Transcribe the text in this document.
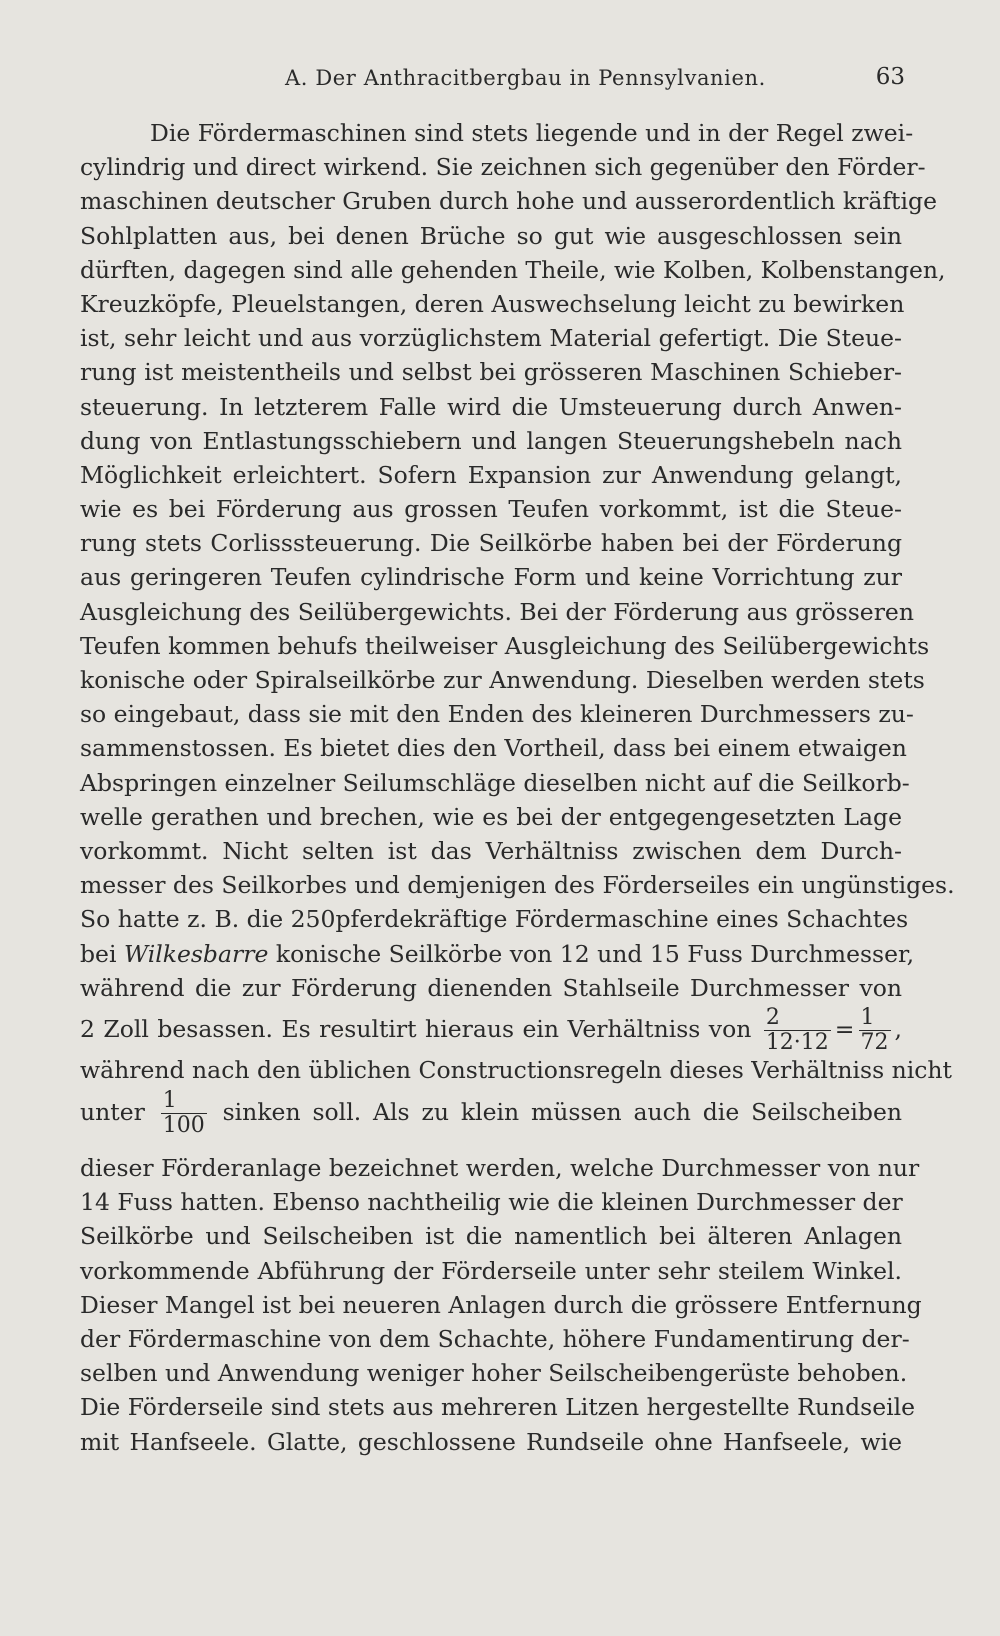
A. Der Anthracitbergbau in Pennsylvanien.	63
Die Fördermaschinen sind stets liegende und in der Regel zwei-
cylindrig und direct wirkend. Sie zeichnen sich gegenüber den Förder-
maschinen deutscher Gruben durch hohe und ausserordentlich kräftige
Sohlplatten aus, bei denen Brüche so gut wie ausgeschlossen sein
dürften, dagegen sind alle gehenden Theile, wie Kolben, Kolbenstangen,
Kreuzköpfe, Pleuelstangen, deren Auswechselung leicht zu bewirken
ist, sehr leicht und aus vorzüglichstem Material gefertigt. Die Steue-
rung ist meistentheils und selbst bei grösseren Maschinen Schieber-
steuerung. In letzterem Falle wird die Umsteuerung durch Anwen-
dung von Entlastungsschiebern und langen Steuerungshebeln nach
Möglichkeit erleichtert. Sofern Expansion zur Anwendung gelangt,
wie es bei Förderung aus grossen Teufen vorkommt, ist die Steue-
rung stets Corlisssteuerung. Die Seilkörbe haben bei der Förderung
aus geringeren Teufen cylindrische Form und keine Vorrichtung zur
Ausgleichung des Seilübergewichts. Bei der Förderung aus grösseren
Teufen kommen behufs theilweiser Ausgleichung des Seilübergewichts
konische oder Spiralseilkörbe zur Anwendung. Dieselben werden stets
so eingebaut, dass sie mit den Enden des kleineren Durchmessers zu-
sammenstossen. Es bietet dies den Vortheil, dass bei einem etwaigen
Abspringen einzelner Seilumschläge dieselben nicht auf die Seilkorb-
welle gerathen und brechen, wie es bei der entgegengesetzten Lage
vorkommt. Nicht selten ist das Verhältniss zwischen dem Durch-
messer des Seilkorbes und demjenigen des Förderseiles ein ungünstiges.
So hatte z. B. die 250pferdekräftige Fördermaschine eines Schachtes
bei Wilkesbarre konische Seilkörbe von 12 und 15 Fuss Durchmesser,
während die zur Förderung dienenden Stahlseile Durchmesser von
2 Zoll besassen. Es resultirt hieraus ein Verhältniss von $\frac{2}{12\cdot 12} = \frac{1}{72}$ ,
während nach den üblichen Constructionsregeln dieses Verhältniss nicht
unter $\frac{1}{100}$ sinken soll. Als zu klein müssen auch die Seilscheiben
dieser Förderanlage bezeichnet werden, welche Durchmesser von nur
14 Fuss hatten. Ebenso nachtheilig wie die kleinen Durchmesser der
Seilkörbe und Seilscheiben ist die namentlich bei älteren Anlagen
vorkommende Abführung der Förderseile unter sehr steilem Winkel.
Dieser Mangel ist bei neueren Anlagen durch die grössere Entfernung
der Fördermaschine von dem Schachte, höhere Fundamentirung der-
selben und Anwendung weniger hoher Seilscheibengerüste behoben.
Die Förderseile sind stets aus mehreren Litzen hergestellte Rundseile
mit Hanfseele. Glatte, geschlossene Rundseile ohne Hanfseele, wie
